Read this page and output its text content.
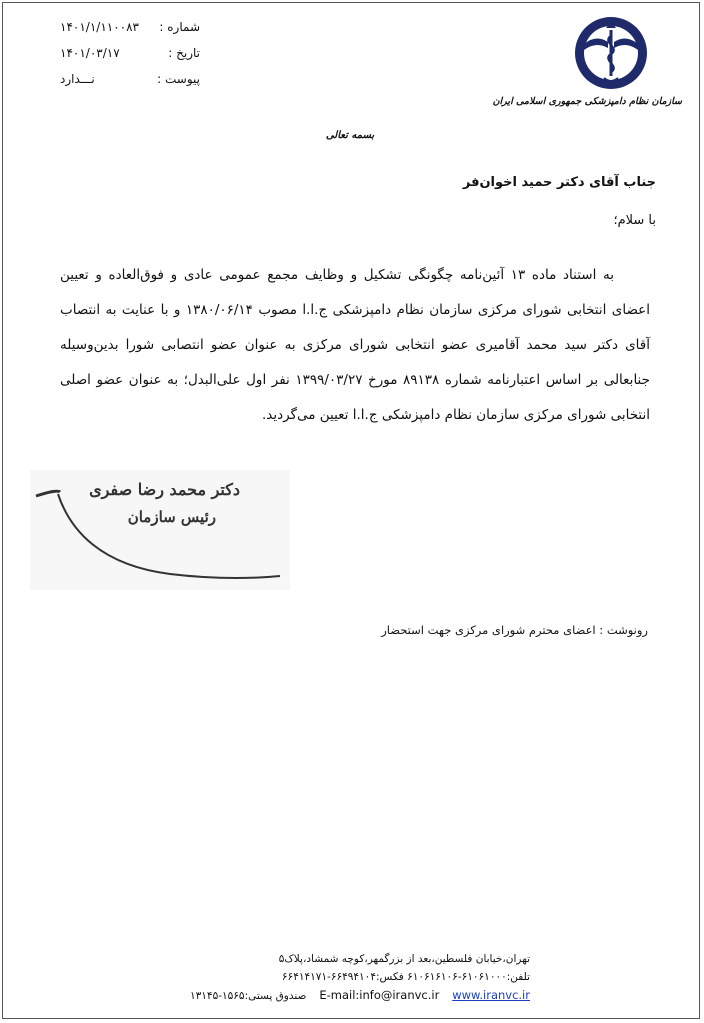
شماره :
۱۴۰۱/۱/۱۱۰۰۸۳
تاریخ :
۱۴۰۱/۰۳/۱۷
پیوست :
نـــدارد
سازمان نظام دامپزشکی جمهوری اسلامی ایران
بسمه تعالی
جناب آقای دکتر حمید اخوان‌فر
با سلام؛
به استناد ماده ۱۳ آئین‌نامه چگونگی تشکیل و وظایف مجمع عمومی عادی و فوق‌العاده و تعیین اعضای انتخابی شورای مرکزی سازمان نظام دامپزشکی ج.ا.ا مصوب ۱۳۸۰/۰۶/۱۴ و با عنایت به انتصاب آقای دکتر سید محمد آقامیری عضو انتخابی شورای مرکزی به عنوان عضو انتصابی شورا بدین‌وسیله جنابعالی بر اساس اعتبارنامه شماره ۸۹۱۳۸ مورخ ۱۳۹۹/۰۳/۲۷ نفر اول علی‌البدل؛ به عنوان عضو اصلی انتخابی شورای مرکزی سازمان نظام دامپزشکی ج.ا.ا تعیین می‌گردید.
دکتر محمد رضا صفری
رئیس سازمان
رونوشت : اعضای محترم شورای مرکزی جهت استحضار
تهران،خیابان فلسطین،بعد از بزرگمهر،کوچه شمشاد،پلاک۵
تلفن:۶۱۰۶۱۰۰۰-۶۱۰۶۱۶۱۰۶ فکس:۶۶۴۹۴۱۰۴-۶۶۴۱۴۱۷۱
صندوق پستی:۱۵۶۵-۱۳۱۴۵ E-mail:info@iranvc.ir www.iranvc.ir
